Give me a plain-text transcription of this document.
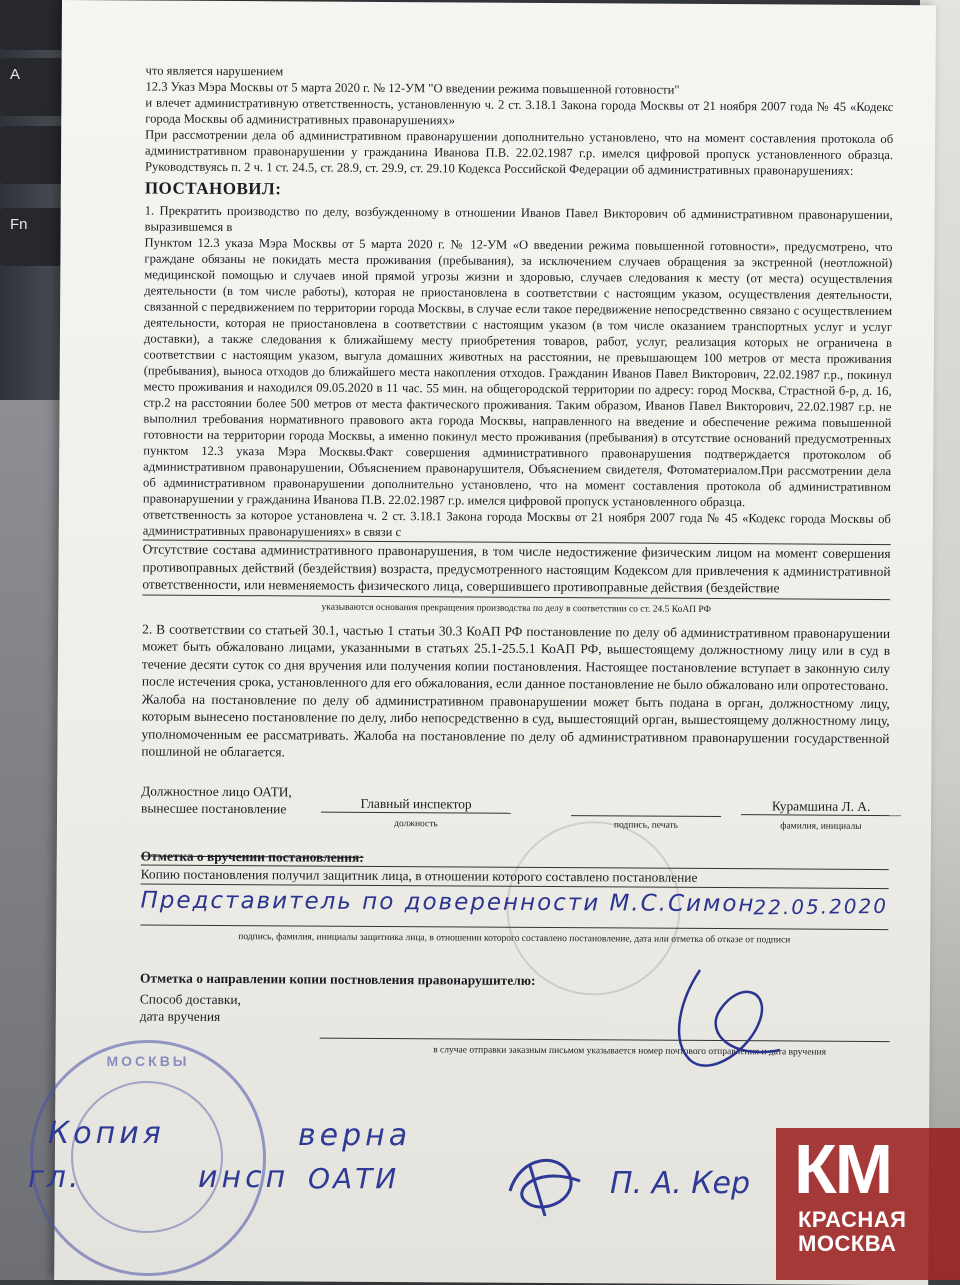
A
Fn

что является нарушением

12.3 Указ Мэра Москвы от 5 марта 2020 г. № 12-УМ "О введении режима повышенной готовности"

и влечет административную ответственность, установленную ч. 2 ст. 3.18.1 Закона города Москвы от 21 ноября 2007 года № 45 «Кодекс города Москвы об административных правонарушениях»

При рассмотрении дела об административном правонарушении дополнительно установлено, что на момент составления протокола об административном правонарушении у гражданина Иванова П.В. 22.02.1987 г.р. имелся цифровой пропуск установленного образца. Руководствуясь п. 2 ч. 1 ст. 24.5, ст. 28.9, ст. 29.9, ст. 29.10 Кодекса Российской Федерации об административных правонарушениях:

ПОСТАНОВИЛ:

1. Прекратить производство по делу, возбужденному в отношении Иванов Павел Викторович об административном правонарушении, выразившемся в

Пунктом 12.3 указа Мэра Москвы от 5 марта 2020 г. № 12-УМ «О введении режима повышенной готовности», предусмотрено, что граждане обязаны не покидать места проживания (пребывания), за исключением случаев обращения за экстренной (неотложной) медицинской помощью и случаев иной прямой угрозы жизни и здоровью, случаев следования к месту (от места) осуществления деятельности (в том числе работы), которая не приостановлена в соответствии с настоящим указом, осуществления деятельности, связанной с передвижением по территории города Москвы, в случае если такое передвижение непосредственно связано с осуществлением деятельности, которая не приостановлена в соответствии с настоящим указом (в том числе оказанием транспортных услуг и услуг доставки), а также следования к ближайшему месту приобретения товаров, работ, услуг, реализация которых не ограничена в соответствии с настоящим указом, выгула домашних животных на расстоянии, не превышающем 100 метров от места проживания (пребывания), выноса отходов до ближайшего места накопления отходов. Гражданин Иванов Павел Викторович, 22.02.1987 г.р., покинул место проживания и находился 09.05.2020 в 11 час. 55 мин. на общегородской территории по адресу: город Москва, Страстной б-р, д. 16, стр.2 на расстоянии более 500 метров от места фактического проживания. Таким образом, Иванов Павел Викторович, 22.02.1987 г.р. не выполнил требования нормативного правового акта города Москвы, направленного на введение и обеспечение режима повышенной готовности на территории города Москвы, а именно покинул место проживания (пребывания) в отсутствие оснований предусмотренных пунктом 12.3 указа Мэра Москвы.Факт совершения административного правонарушения подтверждается протоколом об административном правонарушении, Объяснением правонарушителя, Объяснением свидетеля, Фотоматериалом.При рассмотрении дела об административном правонарушении дополнительно установлено, что на момент составления протокола об административном правонарушении у гражданина Иванова П.В. 22.02.1987 г.р. имелся цифровой пропуск установленного образца.

ответственность за которое установлена ч. 2 ст. 3.18.1 Закона города Москвы от 21 ноября 2007 года № 45 «Кодекс города Москвы об административных правонарушениях» в связи с

Отсутствие состава административного правонарушения, в том числе недостижение физическим лицом на момент совершения противоправных действий (бездействия) возраста, предусмотренного настоящим Кодексом для привлечения к административной ответственности, или невменяемость физического лица, совершившего противоправные действия (бездействие

указываются основания прекращения производства по делу в соответствии со ст. 24.5 КоАП РФ

2. В соответствии со статьей 30.1, частью 1 статьи 30.3 КоАП РФ постановление по делу об административном правонарушении может быть обжаловано лицами, указанными в статьях 25.1-25.5.1 КоАП РФ, вышестоящему должностному лицу или в суд в течение десяти суток со дня вручения или получения копии постановления. Настоящее постановление вступает в законную силу после истечения срока, установленного для его обжалования, если данное постановление не было обжаловано или опротестовано.

Жалоба на постановление по делу об административном правонарушении может быть подана в орган, должностному лицу, которым вынесено постановление по делу, либо непосредственно в суд, вышестоящий орган, вышестоящему должностному лицу, уполномоченным ее рассматривать. Жалоба на постановление по делу об административном правонарушении государственной пошлиной не облагается.

Должностное лицо ОАТИ,
вынесшее постановление	Главный инспектор
должность	подпись, печать
Курамшина Л. А.
фамилия, инициалы

Отметка о вручении постановления:

Копию постановления получил защитник лица, в отношении которого составлено постановление

Представитель по доверенности М.С.Симон
22.05.2020

подпись, фамилия, инициалы защитника лица, в отношении которого составлено постановление, дата или отметка об отказе от подписи

Отметка о направлении копии постновления правонарушителю:

Способ доставки,
дата вручения
в случае отправки заказным письмом указывается номер почтового отправления и дата вручения
МОСКВЫ
Копия	верна
гл.	инсп ОАТИ	П. А. Кер КМ
КРАСНАЯ
МОСКВА
